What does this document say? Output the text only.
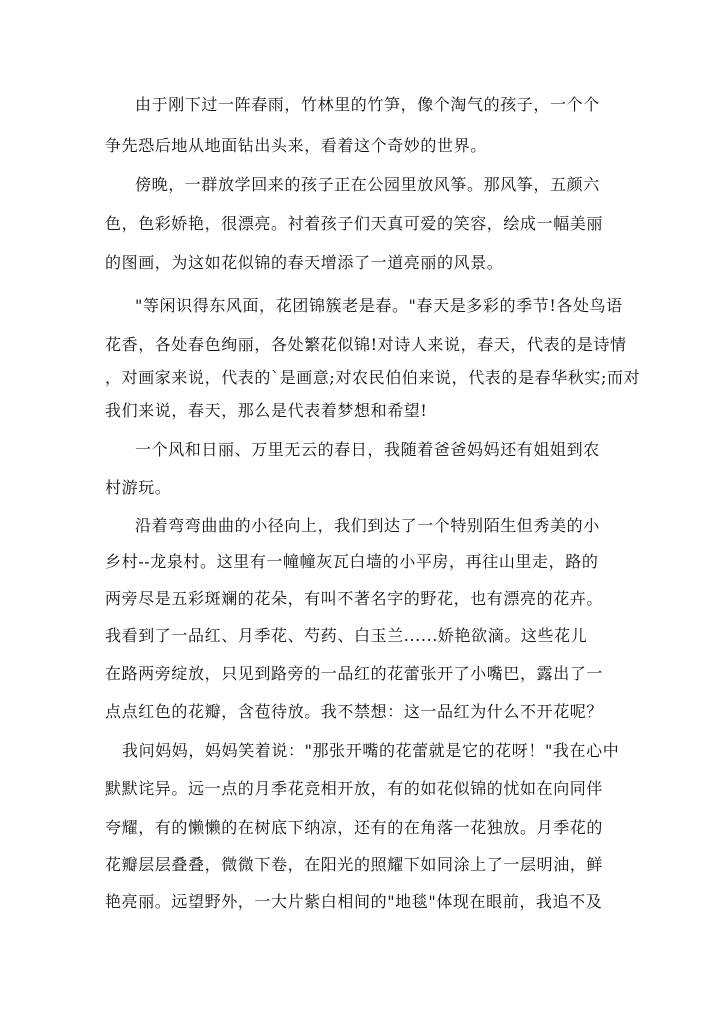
由于刚下过一阵春雨，竹林里的竹笋，像个淘气的孩子，一个个
争先恐后地从地面钻出头来，看着这个奇妙的世界。
傍晚，一群放学回来的孩子正在公园里放风筝。那风筝，五颜六
色，色彩娇艳，很漂亮。衬着孩子们天真可爱的笑容，绘成一幅美丽
的图画，为这如花似锦的春天增添了一道亮丽的风景。
"等闲识得东风面，花团锦簇老是春。"春天是多彩的季节!各处鸟语
花香，各处春色绚丽，各处繁花似锦!对诗人来说，春天，代表的是诗情
，对画家来说，代表的`是画意;对农民伯伯来说，代表的是春华秋实;而对
我们来说，春天，那么是代表着梦想和希望!
一个风和日丽、万里无云的春日，我随着爸爸妈妈还有姐姐到农
村游玩。
沿着弯弯曲曲的小径向上，我们到达了一个特别陌生但秀美的小
乡村--龙泉村。这里有一幢幢灰瓦白墙的小平房，再往山里走，路的
两旁尽是五彩斑斓的花朵，有叫不著名字的野花，也有漂亮的花卉。
我看到了一品红、月季花、芍药、白玉兰......娇艳欲滴。这些花儿
在路两旁绽放，只见到路旁的一品红的花蕾张开了小嘴巴，露出了一
点点红色的花瓣，含苞待放。我不禁想：这一品红为什么不开花呢？
我问妈妈，妈妈笑着说："那张开嘴的花蕾就是它的花呀！"我在心中
默默诧异。远一点的月季花竞相开放，有的如花似锦的忧如在向同伴
夸耀，有的懒懒的在树底下纳凉，还有的在角落一花独放。月季花的
花瓣层层叠叠，微微下卷，在阳光的照耀下如同涂上了一层明油，鲜
艳亮丽。远望野外，一大片紫白相间的"地毯"体现在眼前，我追不及
